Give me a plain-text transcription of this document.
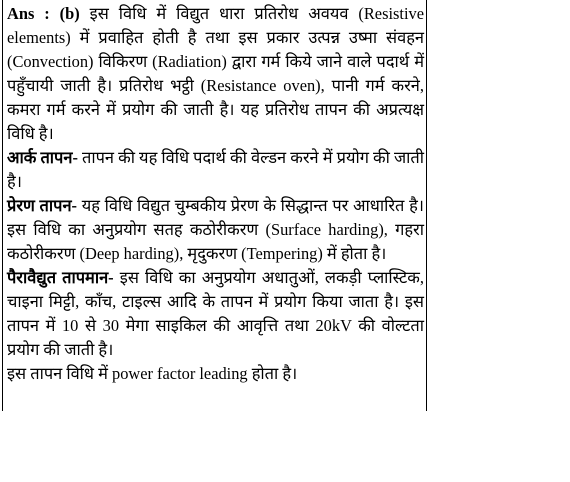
Ans : (b) इस विधि में विद्युत धारा प्रतिरोध अवयव (Resistive elements) में प्रवाहित होती है तथा इस प्रकार उत्पन्न उष्मा संवहन (Convection) विकिरण (Radiation) द्वारा गर्म किये जाने वाले पदार्थ में पहुँचायी जाती है। प्रतिरोध भट्ठी (Resistance oven), पानी गर्म करने, कमरा गर्म करने में प्रयोग की जाती है। यह प्रतिरोध तापन की अप्रत्यक्ष विधि है।

आर्क तापन- तापन की यह विधि पदार्थ की वेल्डन करने में प्रयोग की जाती है।

प्रेरण तापन- यह विधि विद्युत चुम्बकीय प्रेरण के सिद्धान्त पर आधारित है। इस विधि का अनुप्रयोग सतह कठोरीकरण (Surface harding), गहरा कठोरीकरण (Deep harding), मृदुकरण (Tempering) में होता है।

पैरावैद्युत तापमान- इस विधि का अनुप्रयोग अधातुओं, लकड़ी प्लास्टिक, चाइना मिट्टी, काँच, टाइल्स आदि के तापन में प्रयोग किया जाता है। इस तापन में 10 से 30 मेगा साइकिल की आवृत्ति तथा 20kV की वोल्टता प्रयोग की जाती है।

इस तापन विधि में power factor leading होता है।
